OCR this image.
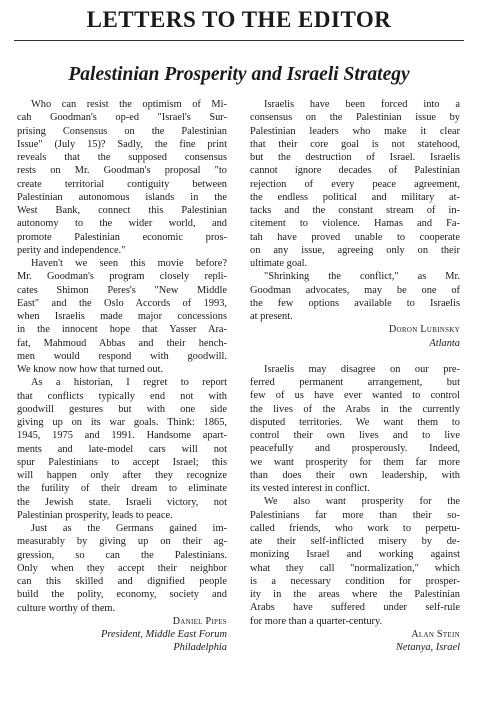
LETTERS TO THE EDITOR
Palestinian Prosperity and Israeli Strategy
Who can resist the optimism of Mi-
cah Goodman's op-ed "Israel's Sur-
prising Consensus on the Palestinian
Issue" (July 15)? Sadly, the fine print
reveals that the supposed consensus
rests on Mr. Goodman's proposal "to
create territorial contiguity between
Palestinian autonomous islands in the
West Bank, connect this Palestinian
autonomy to the wider world, and
promote Palestinian economic pros-
perity and independence."
Haven't we seen this movie before?
Mr. Goodman's program closely repli-
cates Shimon Peres's "New Middle
East" and the Oslo Accords of 1993,
when Israelis made major concessions
in the innocent hope that Yasser Ara-
fat, Mahmoud Abbas and their hench-
men would respond with goodwill.
We know now how that turned out.
As a historian, I regret to report
that conflicts typically end not with
goodwill gestures but with one side
giving up on its war goals. Think: 1865,
1945, 1975 and 1991. Handsome apart-
ments and late-model cars will not
spur Palestinians to accept Israel; this
will happen only after they recognize
the futility of their dream to eliminate
the Jewish state. Israeli victory, not
Palestinian prosperity, leads to peace.
Just as the Germans gained im-
measurably by giving up on their ag-
gression, so can the Palestinians.
Only when they accept their neighbor
can this skilled and dignified people
build the polity, economy, society and
culture worthy of them.
Daniel Pipes
President, Middle East Forum
Philadelphia
Israelis have been forced into a
consensus on the Palestinian issue by
Palestinian leaders who make it clear
that their core goal is not statehood,
but the destruction of Israel. Israelis
cannot ignore decades of Palestinian
rejection of every peace agreement,
the endless political and military at-
tacks and the constant stream of in-
citement to violence. Hamas and Fa-
tah have proved unable to cooperate
on any issue, agreeing only on their
ultimate goal.
"Shrinking the conflict," as Mr.
Goodman advocates, may be one of
the few options available to Israelis
at present.
Doron Lubinsky
Atlanta
Israelis may disagree on our pre-
ferred permanent arrangement, but
few of us have ever wanted to control
the lives of the Arabs in the currently
disputed territories. We want them to
control their own lives and to live
peacefully and prosperously. Indeed,
we want prosperity for them far more
than does their own leadership, with
its vested interest in conflict.
We also want prosperity for the
Palestinians far more than their so-
called friends, who work to perpetu-
ate their self-inflicted misery by de-
monizing Israel and working against
what they call "normalization," which
is a necessary condition for prosper-
ity in the areas where the Palestinian
Arabs have suffered under self-rule
for more than a quarter-century.
Alan Stein
Netanya, Israel
